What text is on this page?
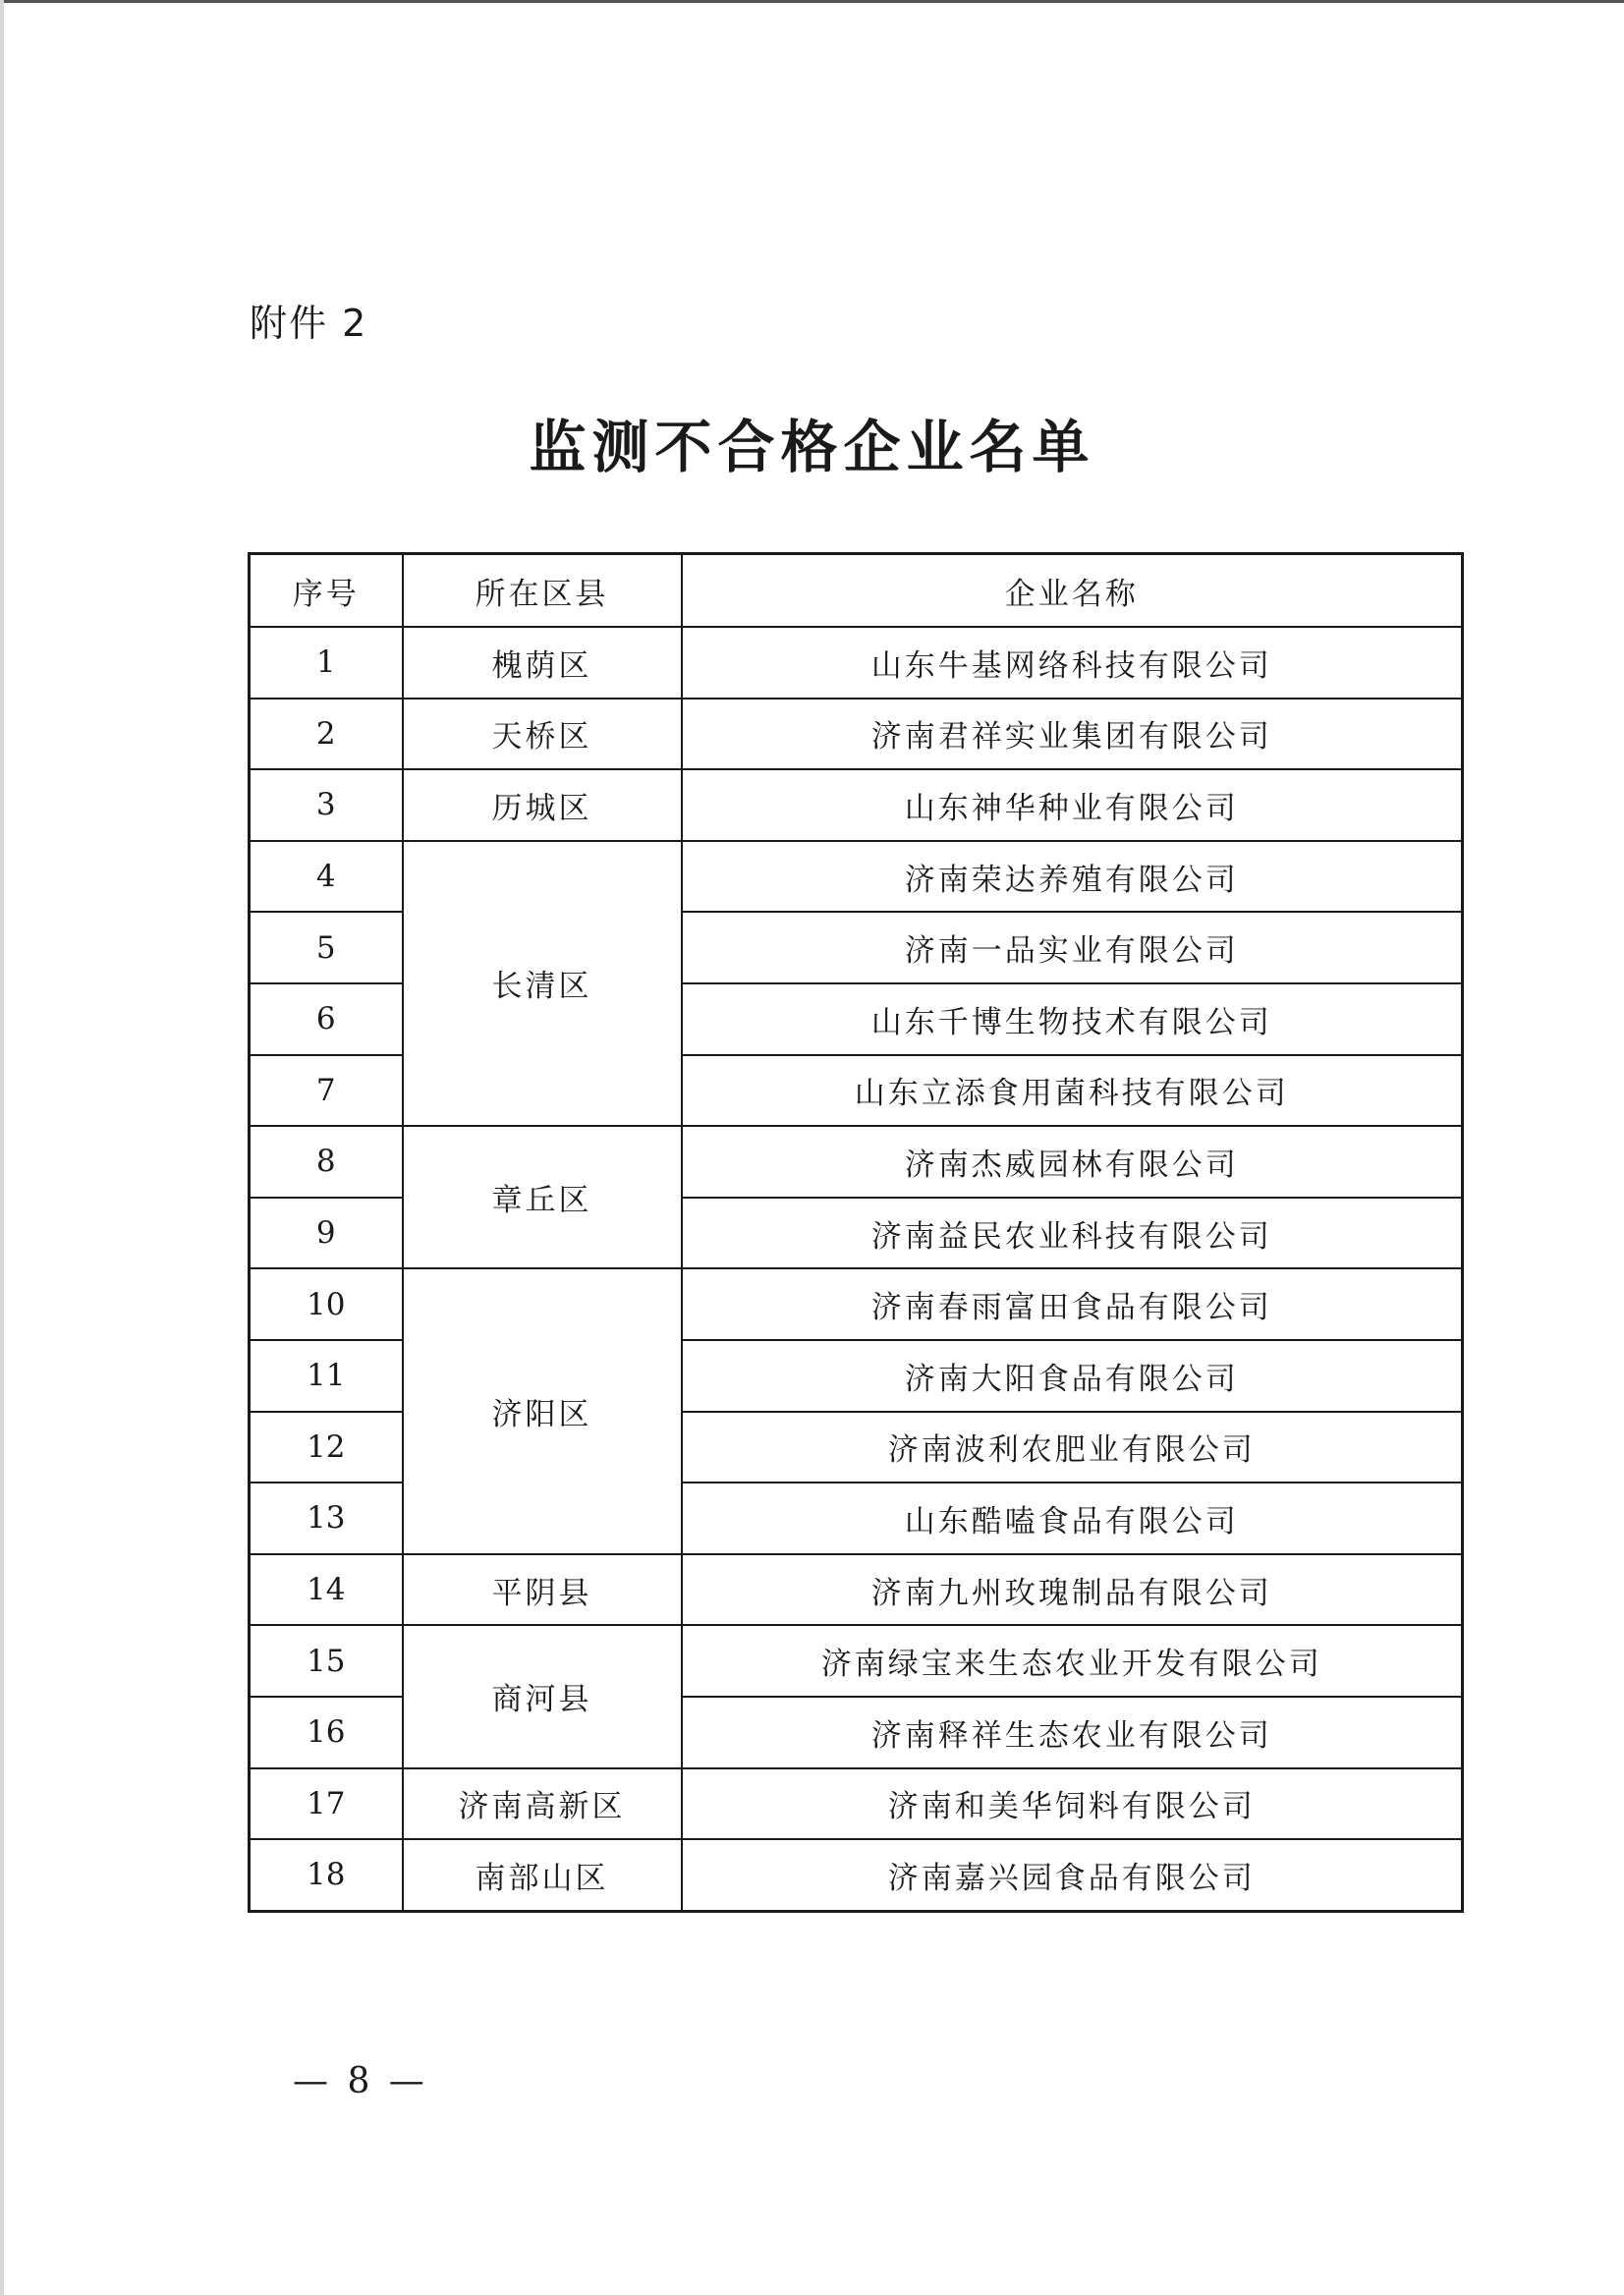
附件 2
监测不合格企业名单
序号	所在区县	企业名称
1	槐荫区	山东牛基网络科技有限公司
2	天桥区	济南君祥实业集团有限公司
3	历城区	山东神华种业有限公司
4	长清区	济南荣达养殖有限公司
5		济南一品实业有限公司
6		山东千博生物技术有限公司
7		山东立添食用菌科技有限公司
8	章丘区	济南杰威园林有限公司
9		济南益民农业科技有限公司
10	济阳区	济南春雨富田食品有限公司
11		济南大阳食品有限公司
12		济南波利农肥业有限公司
13		山东酷嗑食品有限公司
14	平阴县	济南九州玫瑰制品有限公司
15	商河县	济南绿宝来生态农业开发有限公司
16		济南释祥生态农业有限公司
17	济南高新区	济南和美华饲料有限公司
18	南部山区	济南嘉兴园食品有限公司
— 8 —
